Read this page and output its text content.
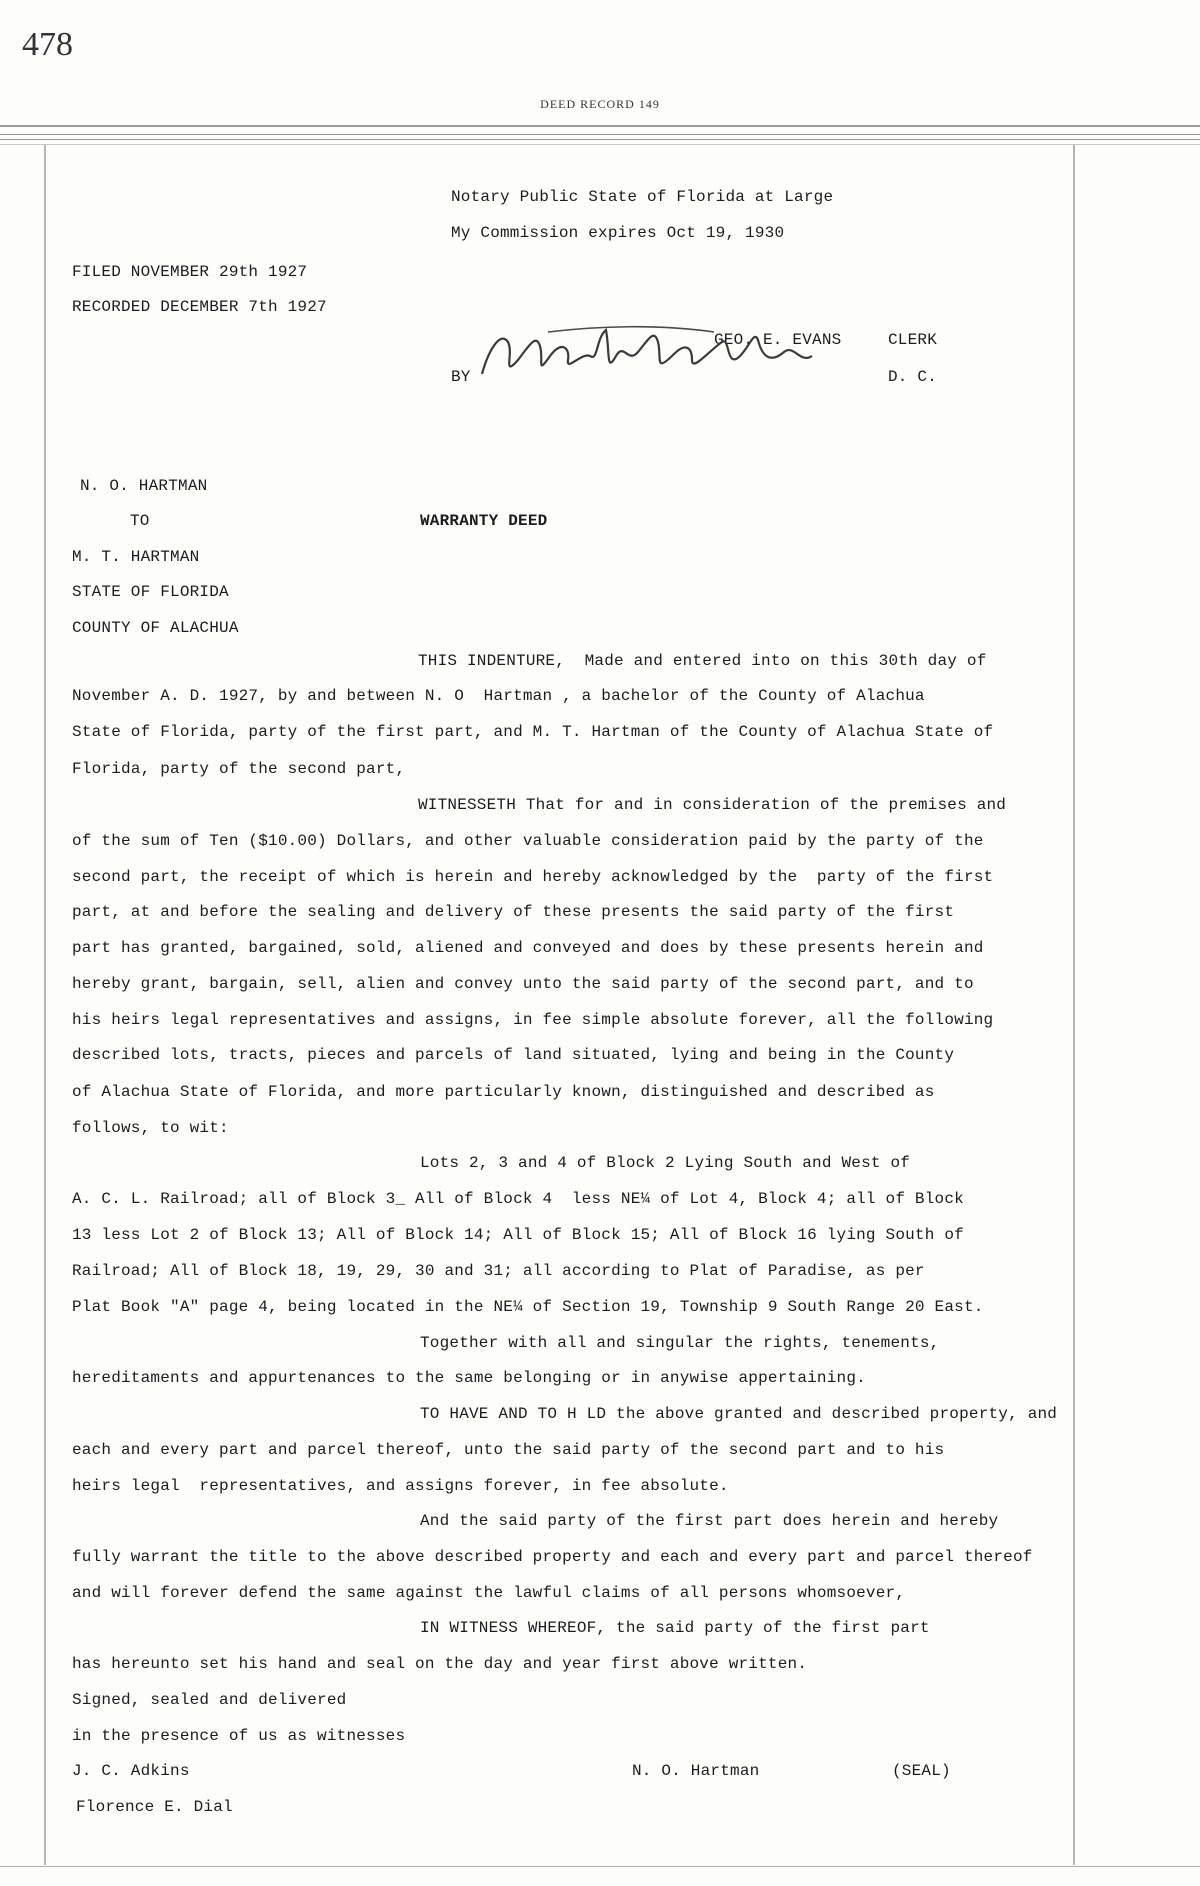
478
DEED RECORD 149
Notary Public State of Florida at Large
My Commission expires Oct 19, 1930
FILED NOVEMBER 29th 1927
RECORDED DECEMBER 7th 1927
GEO. E. EVANS	CLERK
BY	D. C.
N. O. HARTMAN
TO	WARRANTY DEED
M. T. HARTMAN
STATE OF FLORIDA
COUNTY OF ALACHUA
THIS INDENTURE,  Made and entered into on this 30th day of
November A. D. 1927, by and between N. O  Hartman , a bachelor of the County of Alachua
State of Florida, party of the first part, and M. T. Hartman of the County of Alachua State of
Florida, party of the second part,
WITNESSETH That for and in consideration of the premises and
of the sum of Ten ($10.00) Dollars, and other valuable consideration paid by the party of the
second part, the receipt of which is herein and hereby acknowledged by the  party of the first
part, at and before the sealing and delivery of these presents the said party of the first
part has granted, bargained, sold, aliened and conveyed and does by these presents herein and
hereby grant, bargain, sell, alien and convey unto the said party of the second part, and to
his heirs legal representatives and assigns, in fee simple absolute forever, all the following
described lots, tracts, pieces and parcels of land situated, lying and being in the County
of Alachua State of Florida, and more particularly known, distinguished and described as
follows, to wit:
Lots 2, 3 and 4 of Block 2 Lying South and West of
A. C. L. Railroad; all of Block 3_ All of Block 4  less NE¼ of Lot 4, Block 4; all of Block
13 less Lot 2 of Block 13; All of Block 14; All of Block 15; All of Block 16 lying South of
Railroad; All of Block 18, 19, 29, 30 and 31; all according to Plat of Paradise, as per
Plat Book "A" page 4, being located in the NE¼ of Section 19, Township 9 South Range 20 East.
Together with all and singular the rights, tenements,
hereditaments and appurtenances to the same belonging or in anywise appertaining.
TO HAVE AND TO H LD the above granted and described property, and
each and every part and parcel thereof, unto the said party of the second part and to his
heirs legal  representatives, and assigns forever, in fee absolute.
And the said party of the first part does herein and hereby
fully warrant the title to the above described property and each and every part and parcel thereof
and will forever defend the same against the lawful claims of all persons whomsoever,
IN WITNESS WHEREOF, the said party of the first part
has hereunto set his hand and seal on the day and year first above written.
Signed, sealed and delivered
in the presence of us as witnesses
J. C. Adkins	N. O. Hartman	(SEAL)
Florence E. Dial
